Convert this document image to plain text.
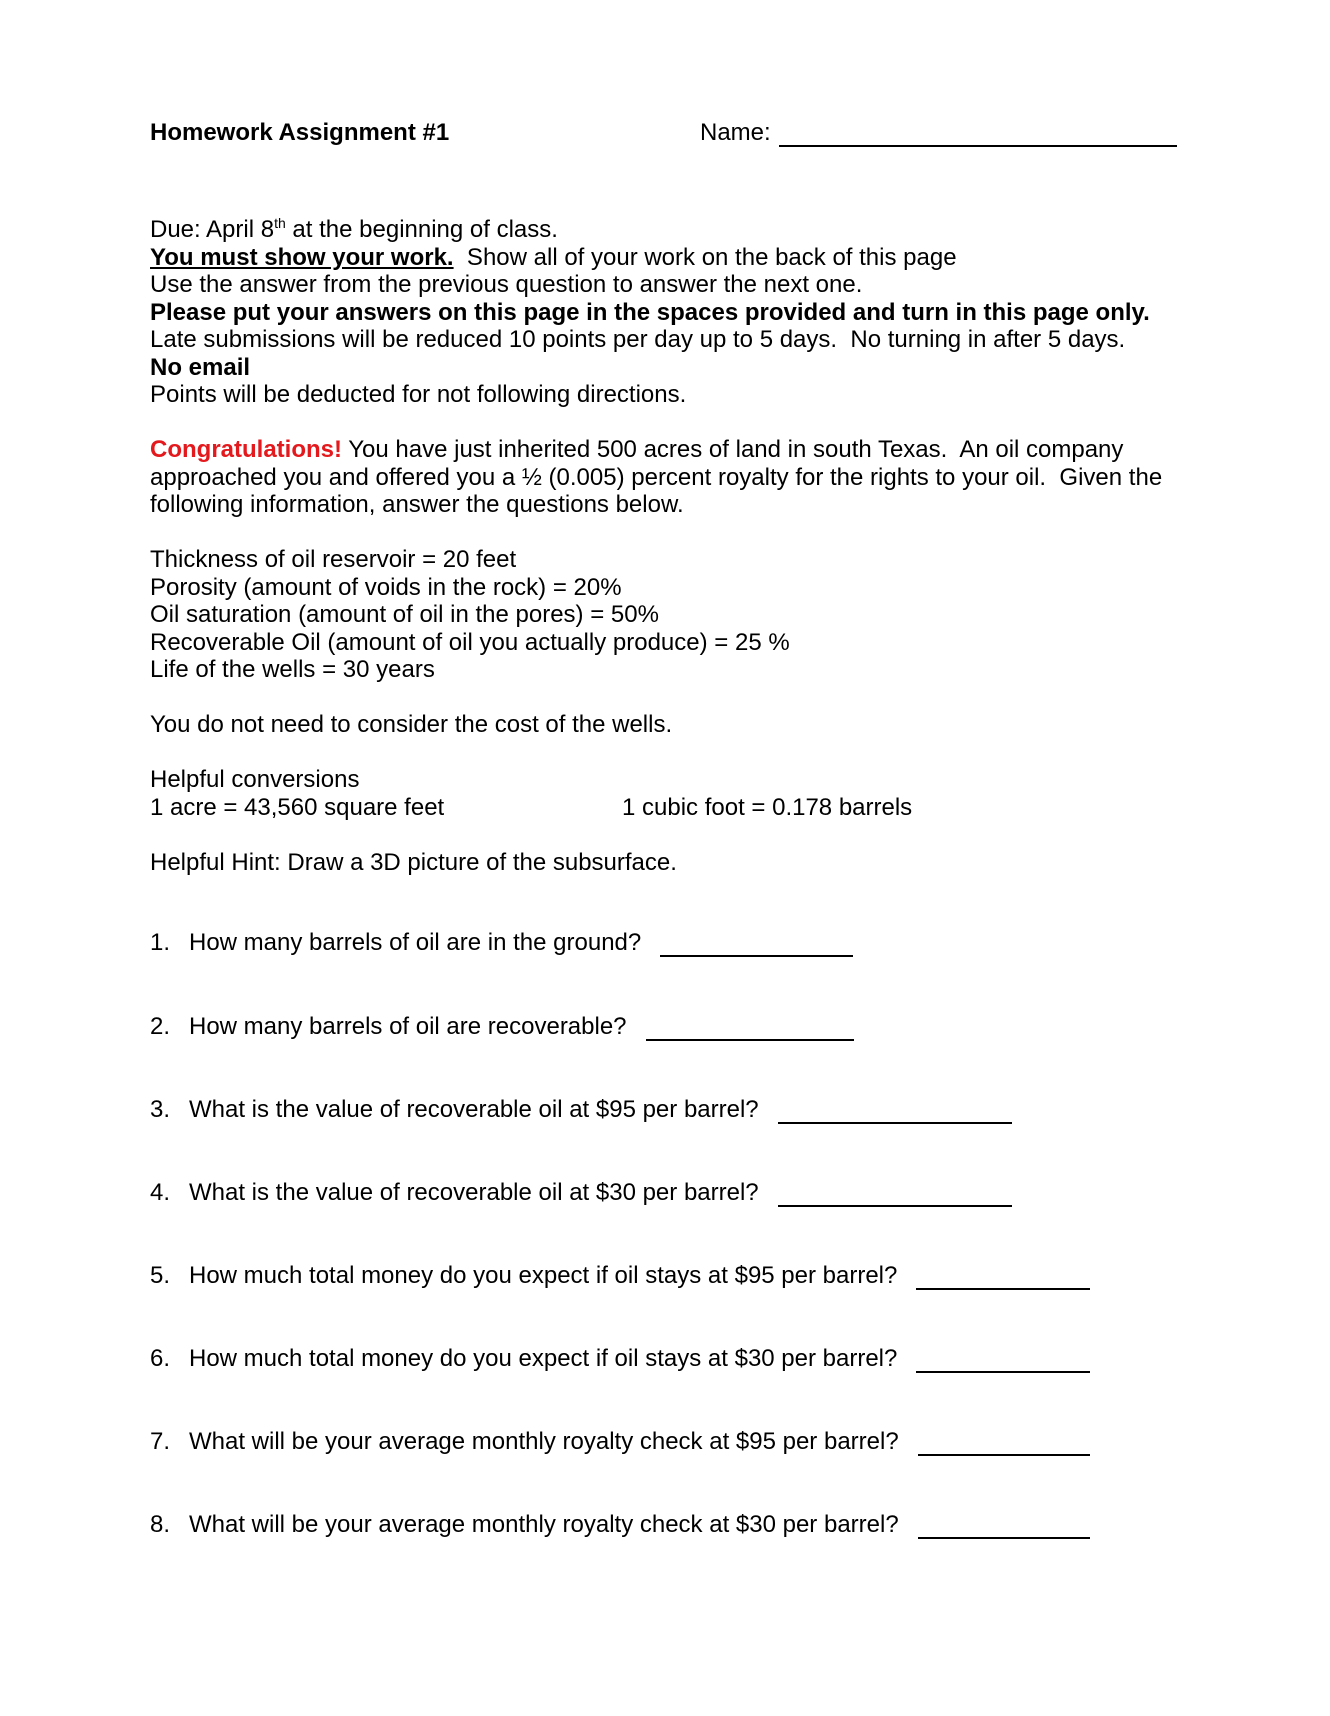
Homework Assignment #1	Name:

Due: April 8th at the beginning of class.

You must show your work.  Show all of your work on the back of this page

Use the answer from the previous question to answer the next one.

Please put your answers on this page in the spaces provided and turn in this page only.

Late submissions will be reduced 10 points per day up to 5 days.  No turning in after 5 days.

No email

Points will be deducted for not following directions.

Congratulations! You have just inherited 500 acres of land in south Texas.  An oil company

approached you and offered you a ½ (0.005) percent royalty for the rights to your oil.  Given the

following information, answer the questions below.

Thickness of oil reservoir = 20 feet

Porosity (amount of voids in the rock) = 20%

Oil saturation (amount of oil in the pores) = 50%

Recoverable Oil (amount of oil you actually produce) = 25 %

Life of the wells = 30 years

You do not need to consider the cost of the wells.

Helpful conversions

1 acre = 43,560 square feet	1 cubic foot = 0.178 barrels
Helpful Hint: Draw a 3D picture of the subsurface.
1. How many barrels of oil are in the ground?
2. How many barrels of oil are recoverable?
3. What is the value of recoverable oil at $95 per barrel?
4. What is the value of recoverable oil at $30 per barrel?
5. How much total money do you expect if oil stays at $95 per barrel?
6. How much total money do you expect if oil stays at $30 per barrel?
7. What will be your average monthly royalty check at $95 per barrel?
8. What will be your average monthly royalty check at $30 per barrel?
